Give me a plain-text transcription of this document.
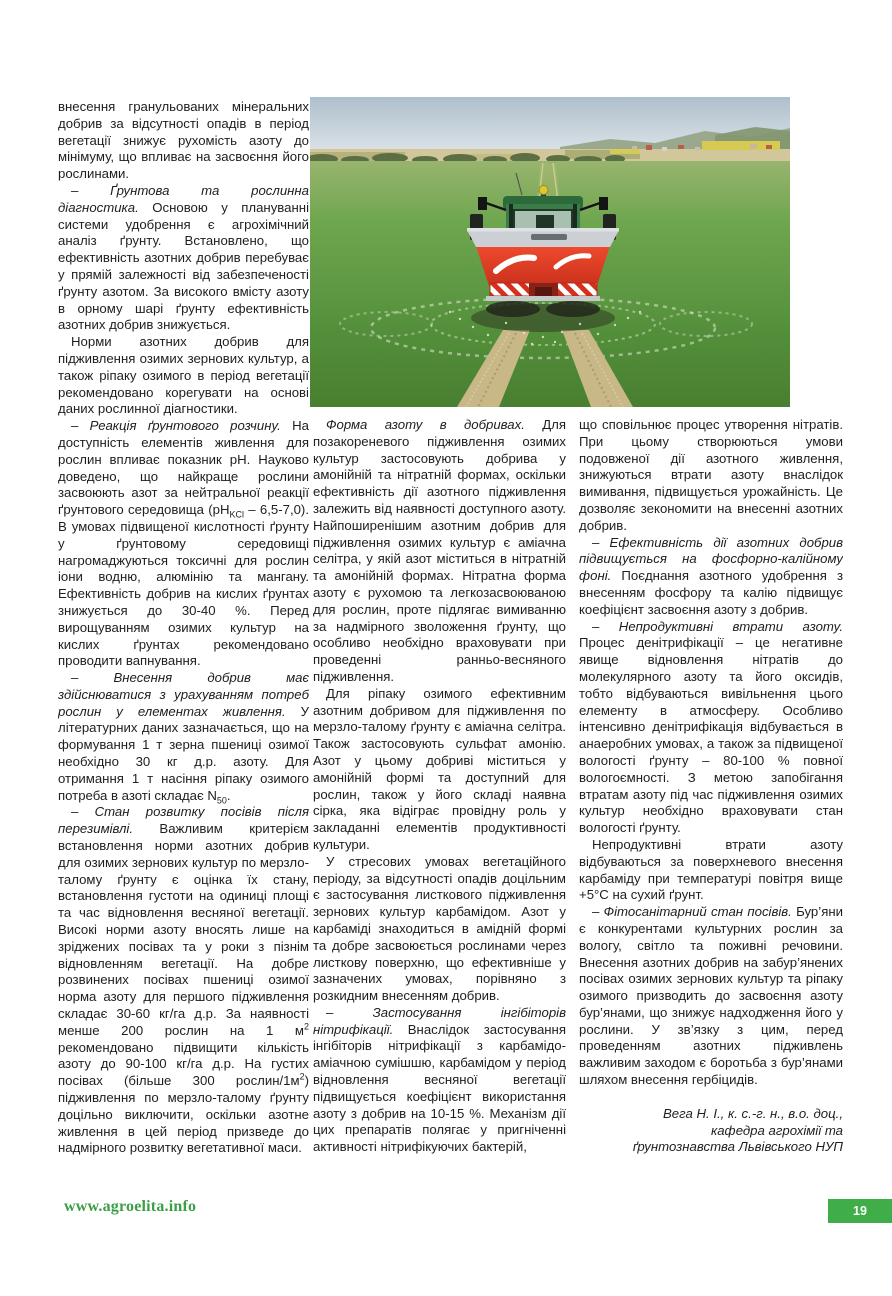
внесення гранульованих мінеральних добрив за відсутності опадів в період вегетації знижує рухомість азоту до мінімуму, що впливає на засвоєння його рослинами.

– Ґрунтова та рослинна діагностика. Основою у плануванні системи удобрення є агрохімічний аналіз ґрунту. Встановлено, що ефективність азотних добрив перебуває у прямій залежності від забезпеченості ґрунту азотом. За високого вмісту азоту в орному шарі ґрунту ефективність азотних добрив знижується.

Норми азотних добрив для підживлення озимих зернових культур, а також ріпаку озимого в період вегетації рекомендовано корегувати на основі даних рослинної діагностики.

– Реакція ґрунтового розчину. На доступність елементів живлення для рослин впливає показник рН. Науково доведено, що найкраще рослини засвоюють азот за нейтральної реакції ґрунтового середовища $(рН_{KCl} - 6,5-7,0)$. В умовах підвищеної кислотності ґрунту у ґрунтовому середовищі нагромаджуються токсичні для рослин іони водню, алюмінію та мангану. Ефективність добрив на кислих ґрунтах знижується до 30-40 %. Перед вирощуванням озимих культур на кислих ґрунтах рекомендовано проводити вапнування.

– Внесення добрив має здійснюватися з урахуванням потреб рослин у елементах живлення. У літературних даних зазначається, що на формування 1 т зерна пшениці озимої необхідно 30 кг д.р. азоту. Для отримання 1 т насіння ріпаку озимого потреба в азоті складає $N_{50}$.

– Стан розвитку посівів після перезимівлі. Важливим критерієм встановлення норми азотних добрив для озимих зернових культур по мерзло-талому ґрунту є оцінка їх стану, встановлення густоти на одиниці площі та час відновлення весняної вегетації. Високі норми азоту вносять лише на зріджених посівах та у роки з пізнім відновленням вегетації. На добре розвинених посівах пшениці озимої норма азоту для першого підживлення складає 30-60 кг/га д.р. За наявності менше 200 рослин на 1 $м^2$ рекомендовано підвищити кількість азоту до 90-100 кг/га д.р. На густих посівах (більше 300 рослин/$1м^2$) підживлення по мерзло-талому ґрунту доцільно виключити, оскільки азотне живлення в цей період призведе до надмірного розвитку вегетативної маси.

Форма азоту в добривах. Для позакореневого підживлення озимих культур застосовують добрива у амонійній та нітратній формах, оскільки ефективність дії азотного підживлення залежить від наявності доступного азоту. Найпоширенішим азотним добрив для підживлення озимих культур є аміачна селітра, у якій азот міститься в нітратній та амонійній формах. Нітратна форма азоту є рухомою та легкозасвоюваною для рослин, проте підлягає вимиванню за надмірного зволоження ґрунту, що особливо необхідно враховувати при проведенні ранньо-весняного підживлення.

Для ріпаку озимого ефективним азотним добривом для підживлення по мерзло-талому ґрунту є аміачна селітра. Також застосовують сульфат амонію. Азот у цьому добриві міститься у амонійній формі та доступний для рослин, також у його складі наявна сірка, яка відіграє провідну роль у закладанні елементів продуктивності культури.

У стресових умовах вегетаційного періоду, за відсутності опадів доцільним є застосування листкового підживлення зернових культур карбамідом. Азот у карбаміді знаходиться в амідній формі та добре засвоюється рослинами через листкову поверхню, що ефективніше у зазначених умовах, порівняно з розкидним внесенням добрив.

– Застосування інгібіторів нітрифікації. Внаслідок застосування інгібіторів нітрифікації з карбамідо-аміачною сумішшю, карбамідом у період відновлення весняної вегетації підвищується коефіцієнт використання азоту з добрив на 10-15 %. Механізм дії цих препаратів полягає у пригніченні активності нітрифікуючих бактерій,

що сповільнює процес утворення нітратів. При цьому створюються умови подовженої дії азотного живлення, знижуються втрати азоту внаслідок вимивання, підвищується урожайність. Це дозволяє зекономити на внесенні азотних добрив.

– Ефективність дії азотних добрив підвищується на фосфорно-калійному фоні. Поєднання азотного удобрення з внесенням фосфору та калію підвищує коефіцієнт засвоєння азоту з добрив.

– Непродуктивні втрати азоту. Процес денітрифікації – це негативне явище відновлення нітратів до молекулярного азоту та його оксидів, тобто відбуваються вивільнення цього елементу в атмосферу. Особливо інтенсивно денітрифікація відбувається в анаеробних умовах, а також за підвищеної вологості ґрунту – 80-100 % повної вологоємності. З метою запобігання втратам азоту під час підживлення озимих культур необхідно враховувати стан вологості ґрунту.

Непродуктивні втрати азоту відбуваються за поверхневого внесення карбаміду при температурі повітря вище +5°С на сухий ґрунт.

– Фітосанітарний стан посівів. Бур’яни є конкурентами культурних рослин за вологу, світло та поживні речовини. Внесення азотних добрив на забур’янених посівах озимих зернових культур та ріпаку озимого призводить до засвоєння азоту бур’янами, що знижує надходження його у рослини. У зв’язку з цим, перед проведенням азотних підживлень важливим заходом є боротьба з бур’янами шляхом внесення гербіцидів.

Вега Н. І., к. с.-г. н., в.о. доц.,
кафедра агрохімії та
ґрунтознавства Львівського НУП

www.agroelita.info	19
